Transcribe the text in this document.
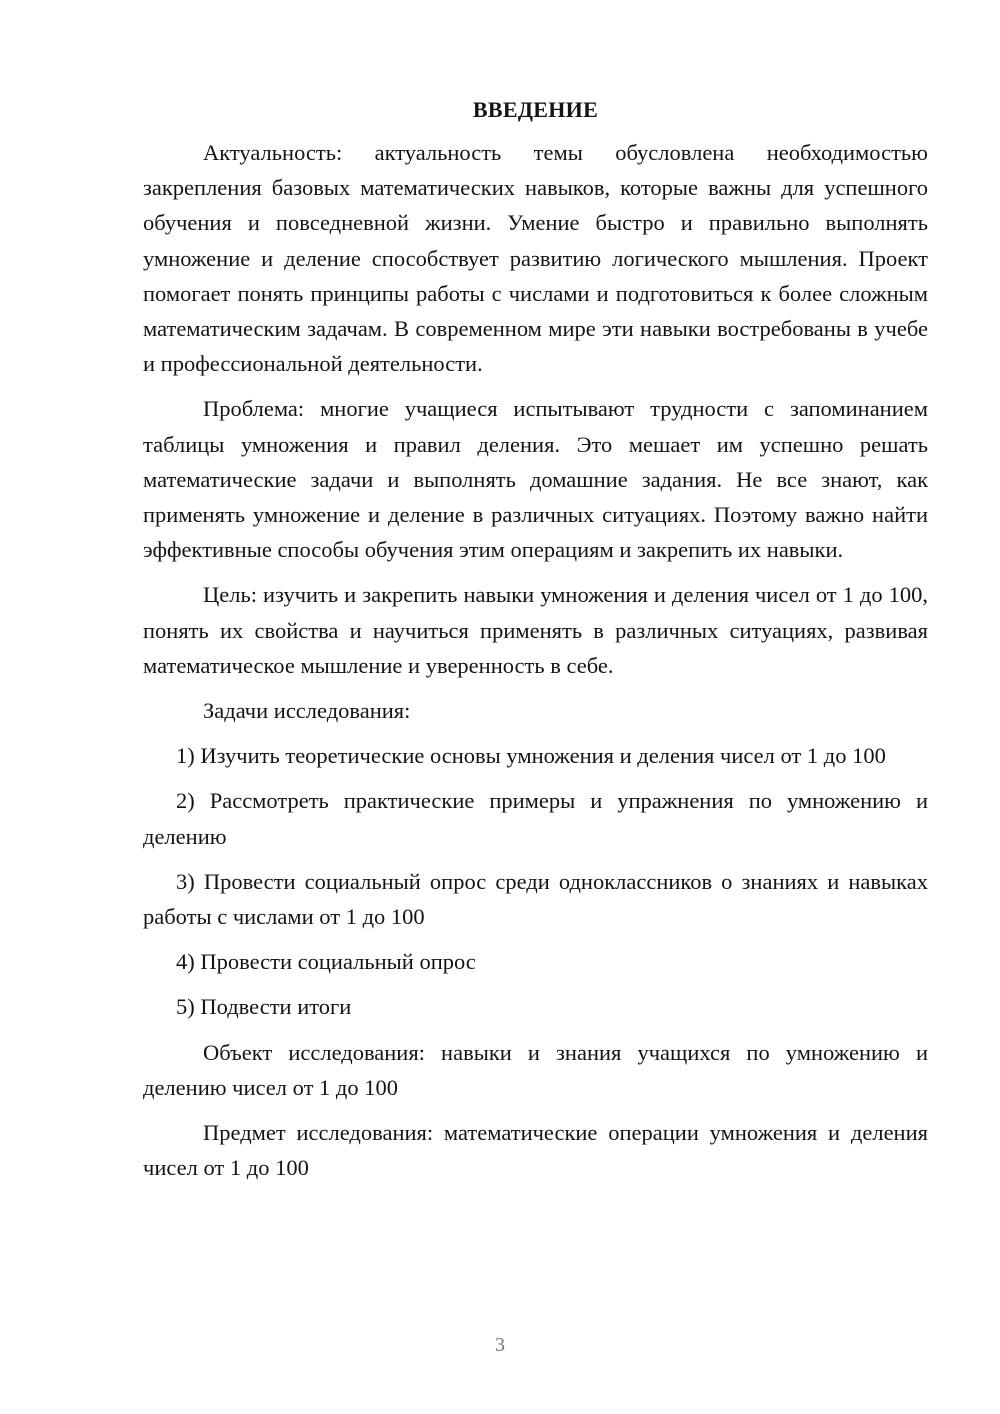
ВВЕДЕНИЕ

Актуальность: актуальность темы обусловлена необходимостью закрепления базовых математических навыков, которые важны для успешного обучения и повседневной жизни. Умение быстро и правильно выполнять умножение и деление способствует развитию логического мышления. Проект помогает понять принципы работы с числами и подготовиться к более сложным математическим задачам. В современном мире эти навыки востребованы в учебе и профессиональной деятельности.

Проблема: многие учащиеся испытывают трудности с запоминанием таблицы умножения и правил деления. Это мешает им успешно решать математические задачи и выполнять домашние задания. Не все знают, как применять умножение и деление в различных ситуациях. Поэтому важно найти эффективные способы обучения этим операциям и закрепить их навыки.

Цель: изучить и закрепить навыки умножения и деления чисел от 1 до 100, понять их свойства и научиться применять в различных ситуациях, развивая математическое мышление и уверенность в себе.

Задачи исследования:

1) Изучить теоретические основы умножения и деления чисел от 1 до 100

2) Рассмотреть практические примеры и упражнения по умножению и делению

3) Провести социальный опрос среди одноклассников о знаниях и навыках работы с числами от 1 до 100

4) Провести социальный опрос

5) Подвести итоги

Объект исследования: навыки и знания учащихся по умножению и делению чисел от 1 до 100

Предмет исследования: математические операции умножения и деления чисел от 1 до 100

3
